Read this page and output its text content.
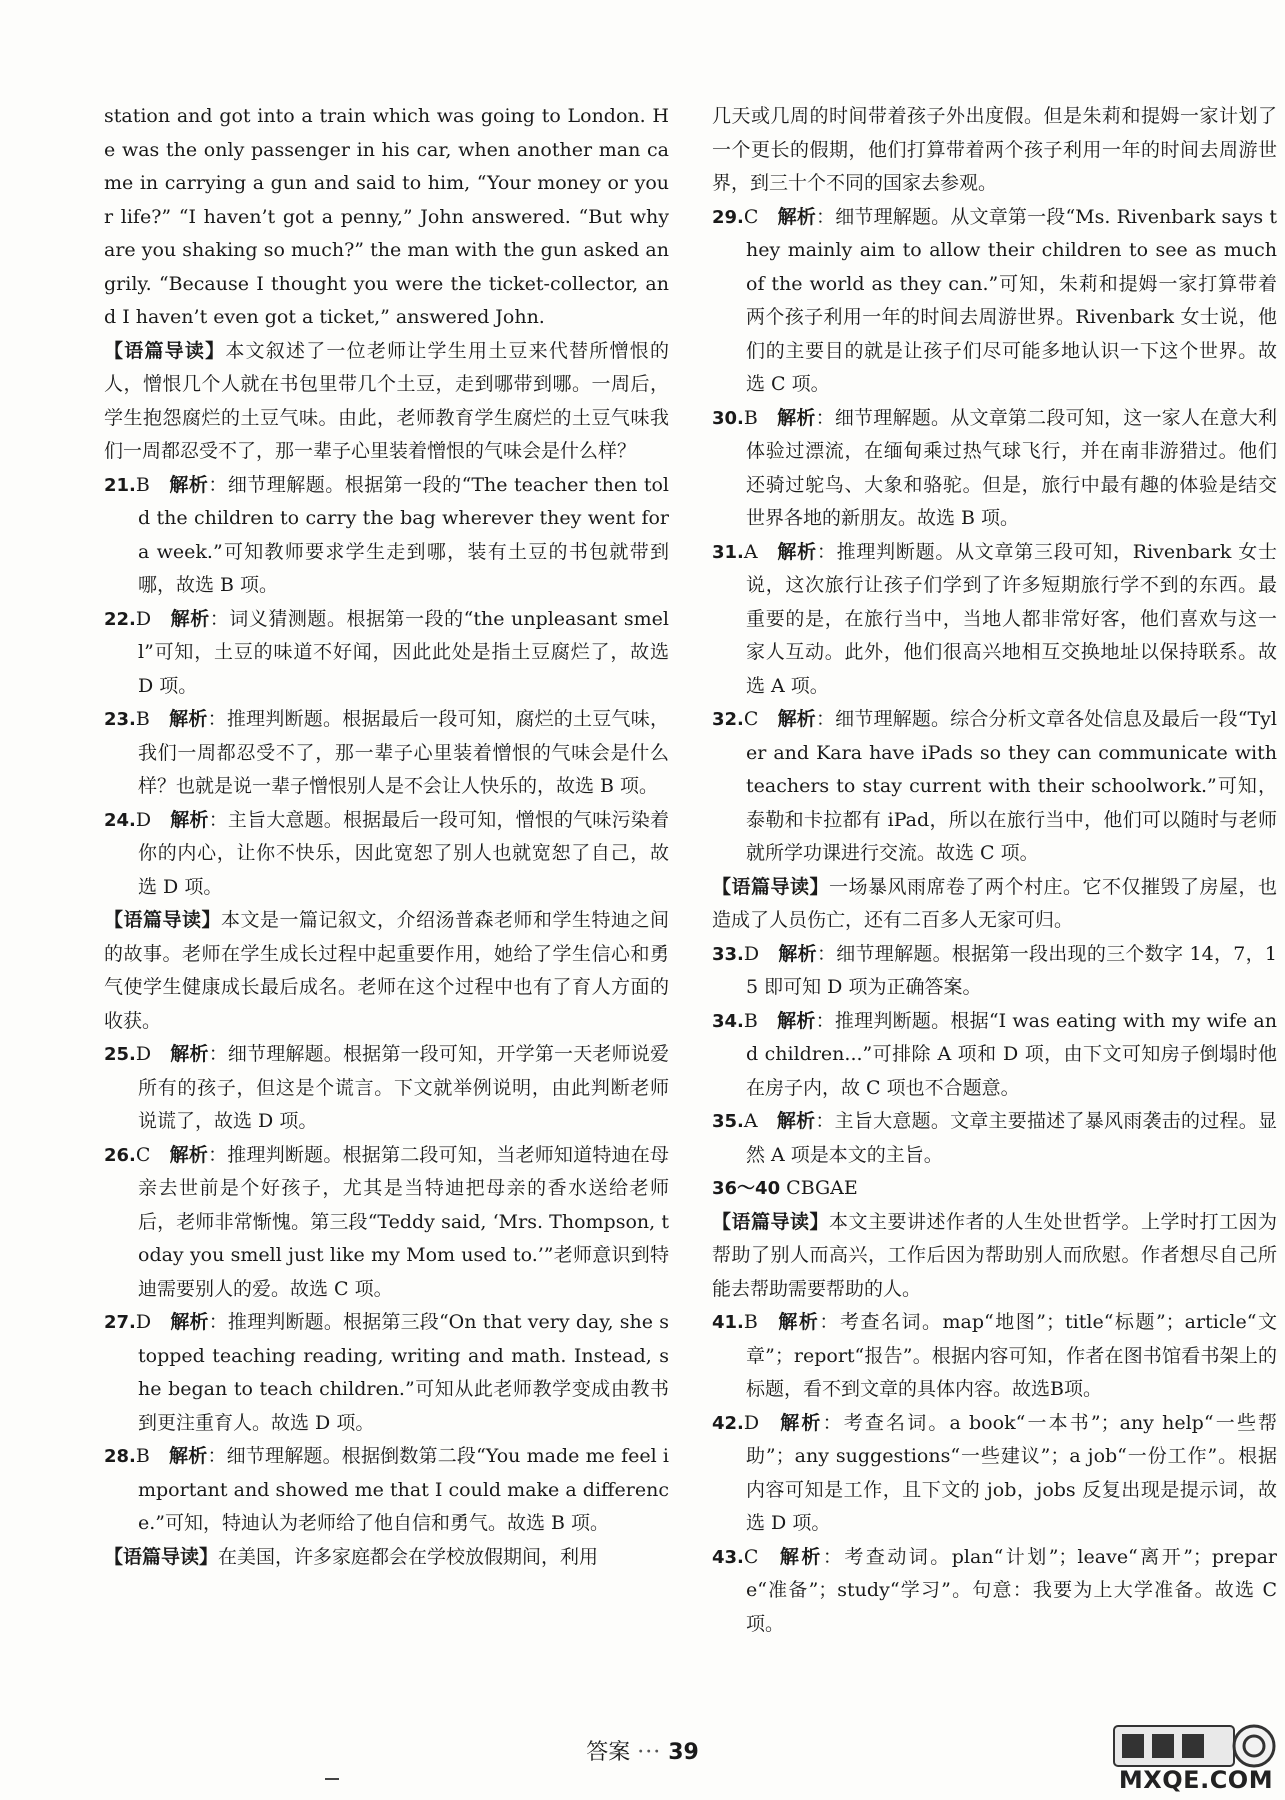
station and got into a train which was going to London. He was the only passenger in his car, when another man came in carrying a gun and said to him, “Your money or your life?” “I haven’t got a penny,” John answered. “But why are you shaking so much?” the man with the gun asked angrily. “Because I thought you were the ticket-collector, and I haven’t even got a ticket,” answered John.

【语篇导读】本文叙述了一位老师让学生用土豆来代替所憎恨的人，憎恨几个人就在书包里带几个土豆，走到哪带到哪。一周后，学生抱怨腐烂的土豆气味。由此，老师教育学生腐烂的土豆气味我们一周都忍受不了，那一辈子心里装着憎恨的气味会是什么样？

21.B  解析：细节理解题。根据第一段的“The teacher then told the children to carry the bag wherever they went for a week.”可知教师要求学生走到哪，装有土豆的书包就带到哪，故选 B 项。

22.D  解析：词义猜测题。根据第一段的“the unpleasant smell”可知，土豆的味道不好闻，因此此处是指土豆腐烂了，故选 D 项。

23.B  解析：推理判断题。根据最后一段可知，腐烂的土豆气味，我们一周都忍受不了，那一辈子心里装着憎恨的气味会是什么样？也就是说一辈子憎恨别人是不会让人快乐的，故选 B 项。

24.D  解析：主旨大意题。根据最后一段可知，憎恨的气味污染着你的内心，让你不快乐，因此宽恕了别人也就宽恕了自己，故选 D 项。

【语篇导读】本文是一篇记叙文，介绍汤普森老师和学生特迪之间的故事。老师在学生成长过程中起重要作用，她给了学生信心和勇气使学生健康成长最后成名。老师在这个过程中也有了育人方面的收获。

25.D  解析：细节理解题。根据第一段可知，开学第一天老师说爱所有的孩子，但这是个谎言。下文就举例说明，由此判断老师说谎了，故选 D 项。

26.C  解析：推理判断题。根据第二段可知，当老师知道特迪在母亲去世前是个好孩子，尤其是当特迪把母亲的香水送给老师后，老师非常惭愧。第三段“Teddy said, ‘Mrs. Thompson, today you smell just like my Mom used to.’”老师意识到特迪需要别人的爱。故选 C 项。

27.D  解析：推理判断题。根据第三段“On that very day, she stopped teaching reading, writing and math. Instead, she began to teach children.”可知从此老师教学变成由教书到更注重育人。故选 D 项。

28.B  解析：细节理解题。根据倒数第二段“You made me feel important and showed me that I could make a difference.”可知，特迪认为老师给了他自信和勇气。故选 B 项。

【语篇导读】在美国，许多家庭都会在学校放假期间，利用

几天或几周的时间带着孩子外出度假。但是朱莉和提姆一家计划了一个更长的假期，他们打算带着两个孩子利用一年的时间去周游世界，到三十个不同的国家去参观。

29.C  解析：细节理解题。从文章第一段“Ms. Rivenbark says they mainly aim to allow their children to see as much of the world as they can.”可知，朱莉和提姆一家打算带着两个孩子利用一年的时间去周游世界。Rivenbark 女士说，他们的主要目的就是让孩子们尽可能多地认识一下这个世界。故选 C 项。

30.B  解析：细节理解题。从文章第二段可知，这一家人在意大利体验过漂流，在缅甸乘过热气球飞行，并在南非游猎过。他们还骑过鸵鸟、大象和骆驼。但是，旅行中最有趣的体验是结交世界各地的新朋友。故选 B 项。

31.A  解析：推理判断题。从文章第三段可知，Rivenbark 女士说，这次旅行让孩子们学到了许多短期旅行学不到的东西。最重要的是，在旅行当中，当地人都非常好客，他们喜欢与这一家人互动。此外，他们很高兴地相互交换地址以保持联系。故选 A 项。

32.C  解析：细节理解题。综合分析文章各处信息及最后一段“Tyler and Kara have iPads so they can communicate with teachers to stay current with their schoolwork.”可知，泰勒和卡拉都有 iPad，所以在旅行当中，他们可以随时与老师就所学功课进行交流。故选 C 项。

【语篇导读】一场暴风雨席卷了两个村庄。它不仅摧毁了房屋，也造成了人员伤亡，还有二百多人无家可归。

33.D  解析：细节理解题。根据第一段出现的三个数字 14，7，15 即可知 D 项为正确答案。

34.B  解析：推理判断题。根据“I was eating with my wife and children...”可排除 A 项和 D 项，由下文可知房子倒塌时他在房子内，故 C 项也不合题意。

35.A  解析：主旨大意题。文章主要描述了暴风雨袭击的过程。显然 A 项是本文的主旨。

36～40 CBGAE

【语篇导读】本文主要讲述作者的人生处世哲学。上学时打工因为帮助了别人而高兴，工作后因为帮助别人而欣慰。作者想尽自己所能去帮助需要帮助的人。

41.B  解析：考查名词。map“地图”；title“标题”；article“文章”；report“报告”。根据内容可知，作者在图书馆看书架上的标题，看不到文章的具体内容。故选B项。

42.D  解析：考查名词。a book“一本书”；any help“一些帮助”；any suggestions“一些建议”；a job“一份工作”。根据内容可知是工作，且下文的 job，jobs 反复出现是提示词，故选 D 项。

43.C  解析：考查动词。plan“计划”；leave“离开”；prepare“准备”；study“学习”。句意：我要为上大学准备。故选 C 项。

答案 ··· 39
MXQE.COM
